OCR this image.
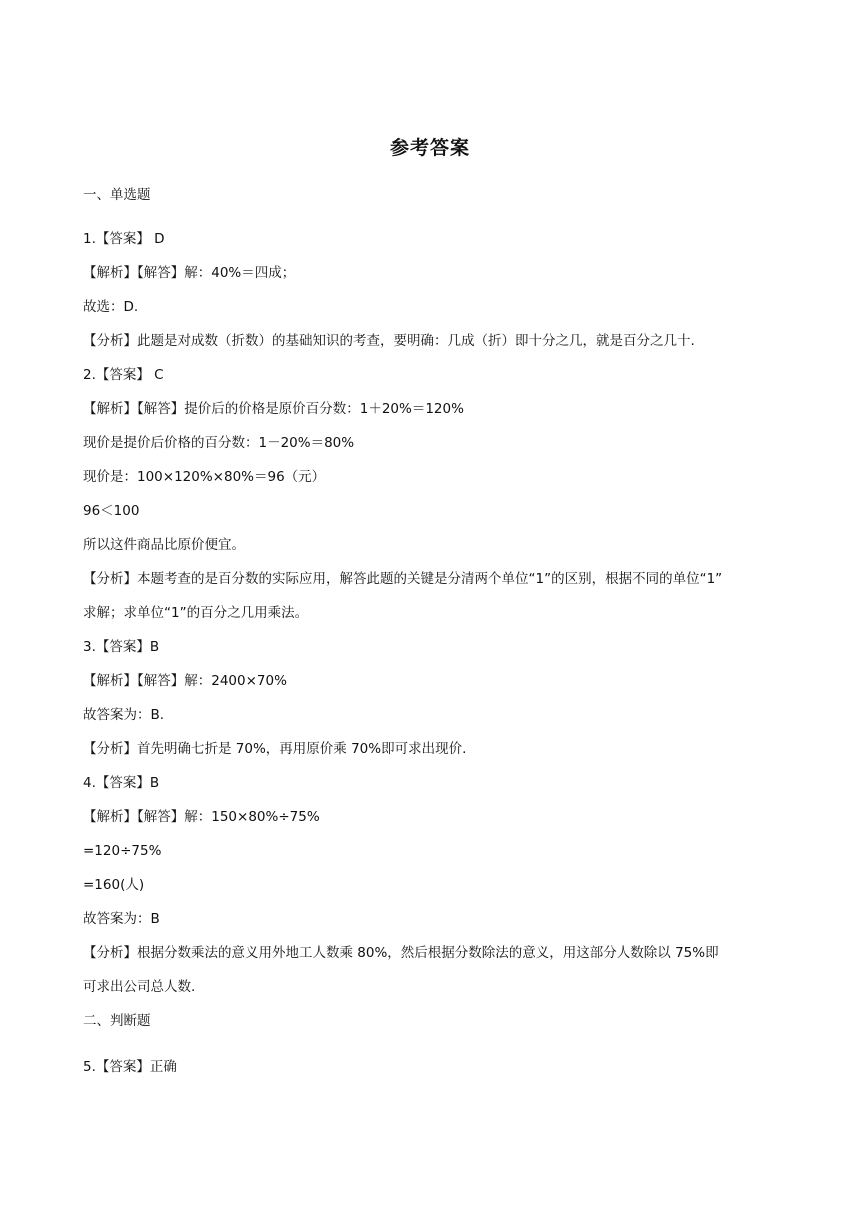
参考答案
一、单选题
1.【答案】 D
【解析】【解答】解：40%＝四成；
故选：D.
【分析】此题是对成数（折数）的基础知识的考查，要明确：几成（折）即十分之几，就是百分之几十.
2.【答案】 C
【解析】【解答】提价后的价格是原价百分数：1＋20%＝120%
现价是提价后价格的百分数：1－20%＝80%
现价是：100×120%×80%＝96（元）
96＜100
所以这件商品比原价便宜。
【分析】本题考查的是百分数的实际应用，解答此题的关键是分清两个单位“1”的区别，根据不同的单位“1”
求解；求单位“1”的百分之几用乘法。
3.【答案】B
【解析】【解答】解：2400×70%
故答案为：B.
【分析】首先明确七折是 70%，再用原价乘 70%即可求出现价.
4.【答案】B
【解析】【解答】解：150×80%÷75%
=120÷75%
=160(人)
故答案为：B
【分析】根据分数乘法的意义用外地工人数乘 80%，然后根据分数除法的意义，用这部分人数除以 75%即
可求出公司总人数.
二、判断题
5.【答案】正确
